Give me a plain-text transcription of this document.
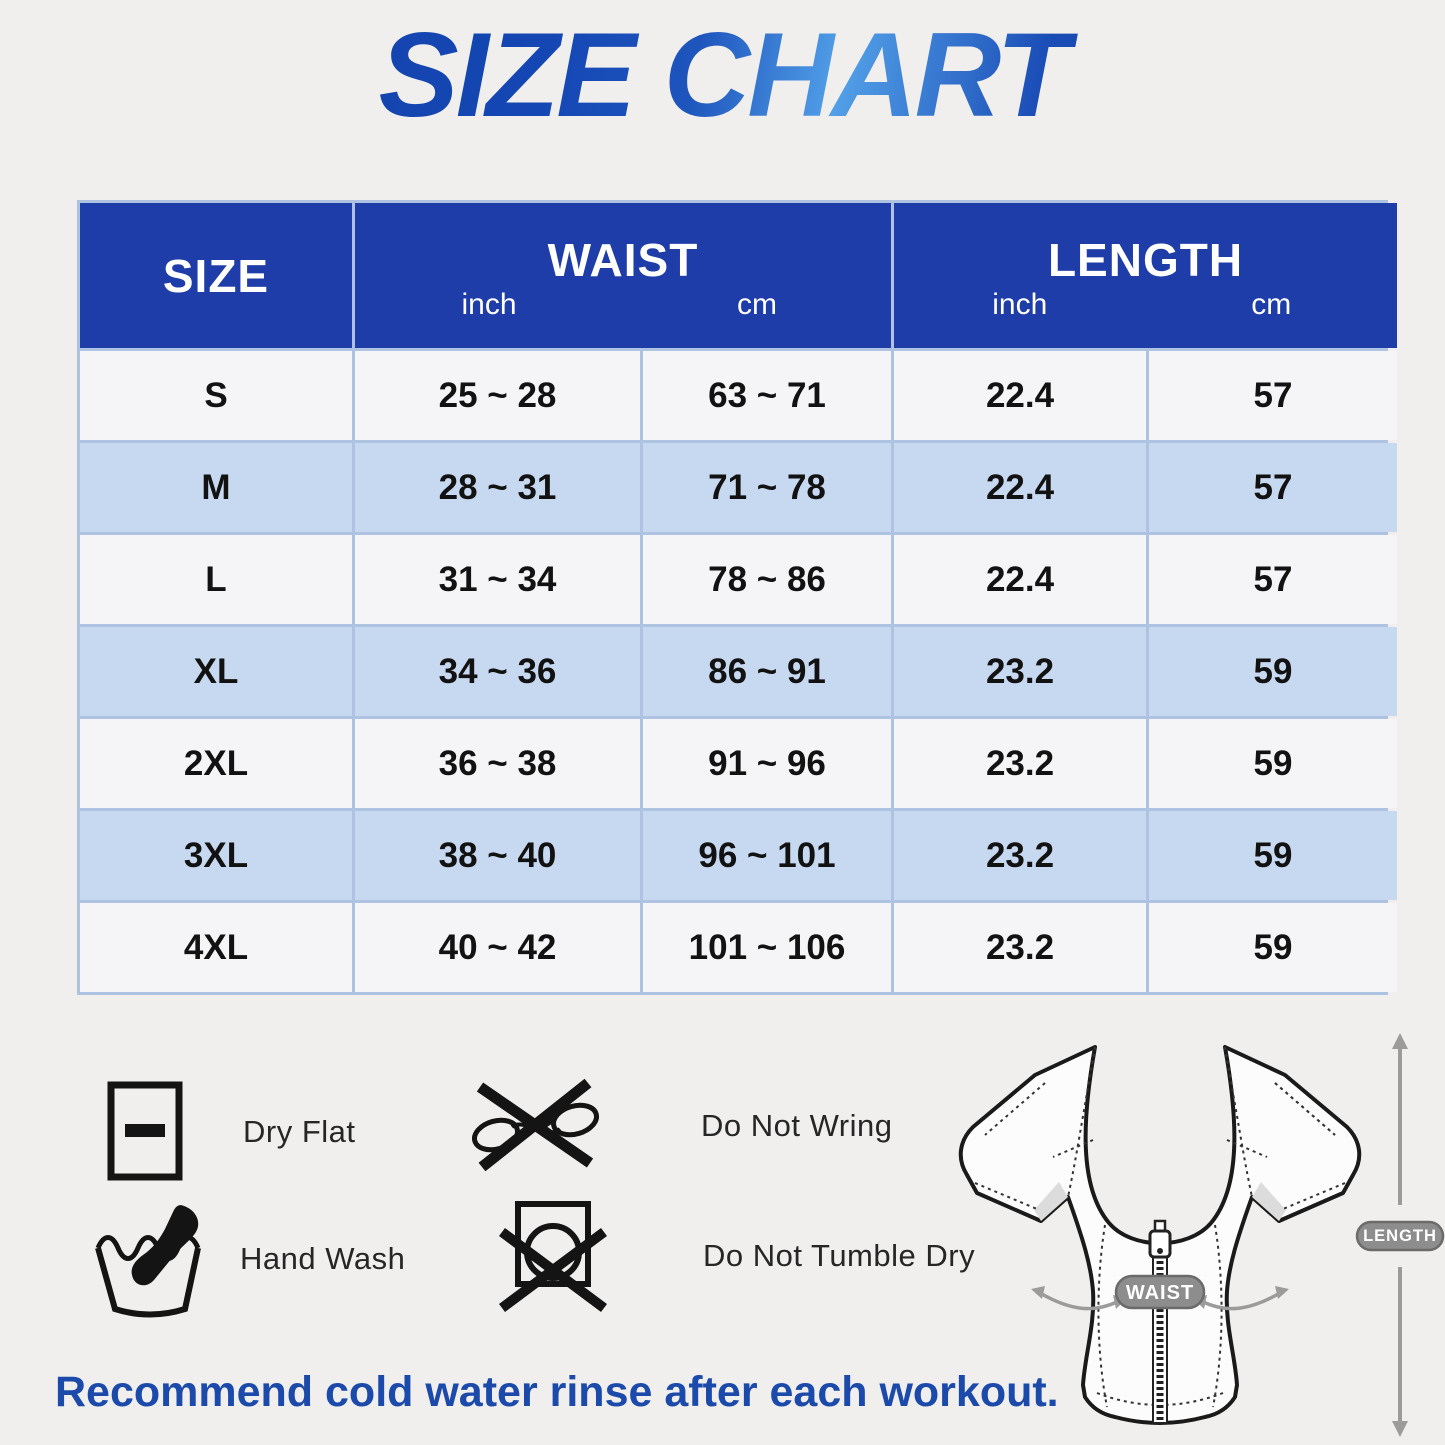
SIZE CHART
SIZE	WAIST
inch	cm
LENGTH
inch	cm
S	25 ~ 28	63 ~ 71	22.4	57
M	28 ~ 31	71 ~ 78	22.4	57
L	31 ~ 34	78 ~ 86	22.4	57
XL	34 ~ 36	86 ~ 91	23.2	59
2XL	36 ~ 38	91 ~ 96	23.2	59
3XL	38 ~ 40	96 ~ 101	23.2	59
4XL	40 ~ 42	101 ~ 106	23.2	59
Dry Flat	Do Not Wring
Hand Wash	Do Not Tumble Dry
WAIST
LENGTH

Recommend cold water rinse after each workout.
